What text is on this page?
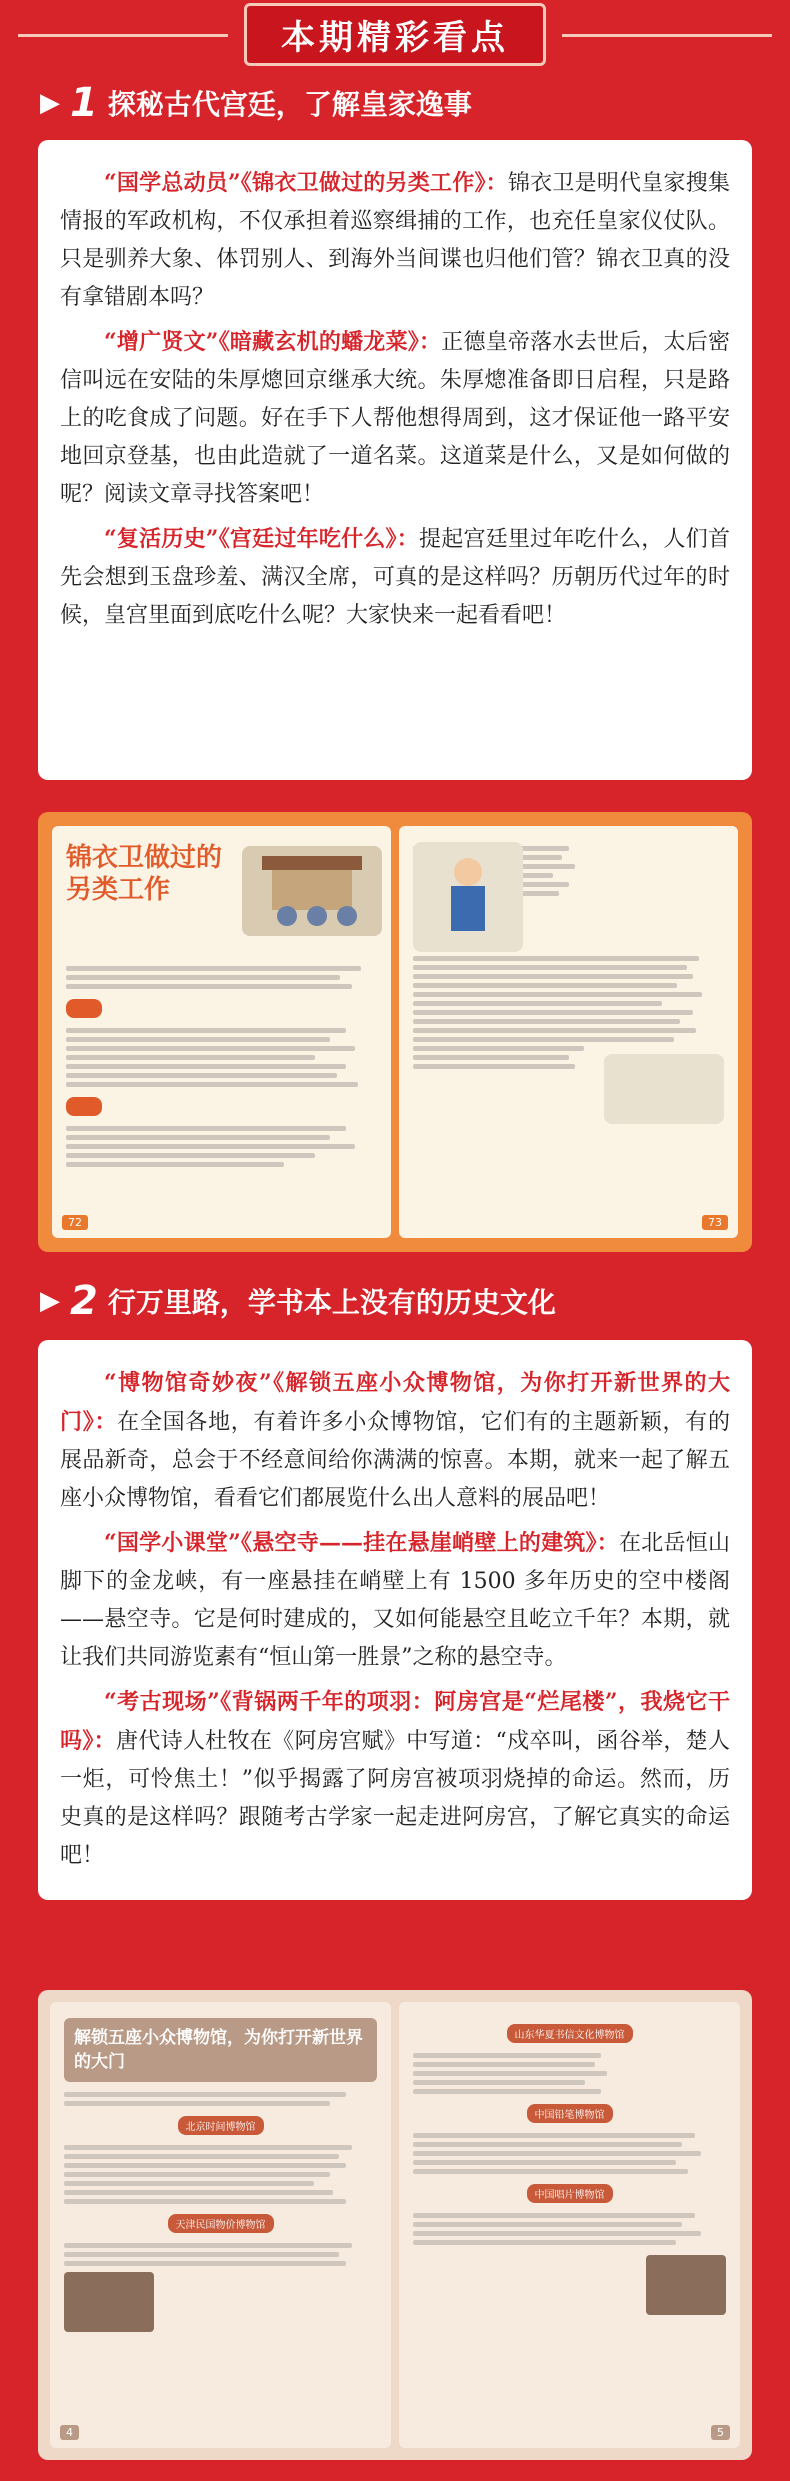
本期精彩看点
▶ 1 探秘古代宫廷，了解皇家逸事

“国学总动员”《锦衣卫做过的另类工作》：锦衣卫是明代皇家搜集情报的军政机构，不仅承担着巡察缉捕的工作，也充任皇家仪仗队。只是驯养大象、体罚别人、到海外当间谍也归他们管？锦衣卫真的没有拿错剧本吗？

“增广贤文”《暗藏玄机的蟠龙菜》：正德皇帝落水去世后，太后密信叫远在安陆的朱厚熜回京继承大统。朱厚熜准备即日启程，只是路上的吃食成了问题。好在手下人帮他想得周到，这才保证他一路平安地回京登基，也由此造就了一道名菜。这道菜是什么，又是如何做的呢？阅读文章寻找答案吧！

“复活历史”《宫廷过年吃什么》：提起宫廷里过年吃什么，人们首先会想到玉盘珍羞、满汉全席，可真的是这样吗？历朝历代过年的时候，皇宫里面到底吃什么呢？大家快来一起看看吧！

锦衣卫做过的另类工作

72	73
▶ 2 行万里路，学书本上没有的历史文化

“博物馆奇妙夜”《解锁五座小众博物馆，为你打开新世界的大门》：在全国各地，有着许多小众博物馆，它们有的主题新颖，有的展品新奇，总会于不经意间给你满满的惊喜。本期，就来一起了解五座小众博物馆，看看它们都展览什么出人意料的展品吧！

“国学小课堂”《悬空寺——挂在悬崖峭壁上的建筑》：在北岳恒山脚下的金龙峡，有一座悬挂在峭壁上有 1500 多年历史的空中楼阁——悬空寺。它是何时建成的，又如何能悬空且屹立千年？本期，就让我们共同游览素有“恒山第一胜景”之称的悬空寺。

“考古现场”《背锅两千年的项羽：阿房宫是“烂尾楼”，我烧它干吗》：唐代诗人杜牧在《阿房宫赋》中写道：“戍卒叫，函谷举，楚人一炬，可怜焦土！”似乎揭露了阿房宫被项羽烧掉的命运。然而，历史真的是这样吗？跟随考古学家一起走进阿房宫，了解它真实的命运吧！

解锁五座小众博物馆，为你打开新世界的大门
北京时间博物馆
天津民国物价博物馆
4
山东华夏书信文化博物馆
中国铅笔博物馆
中国唱片博物馆
5
